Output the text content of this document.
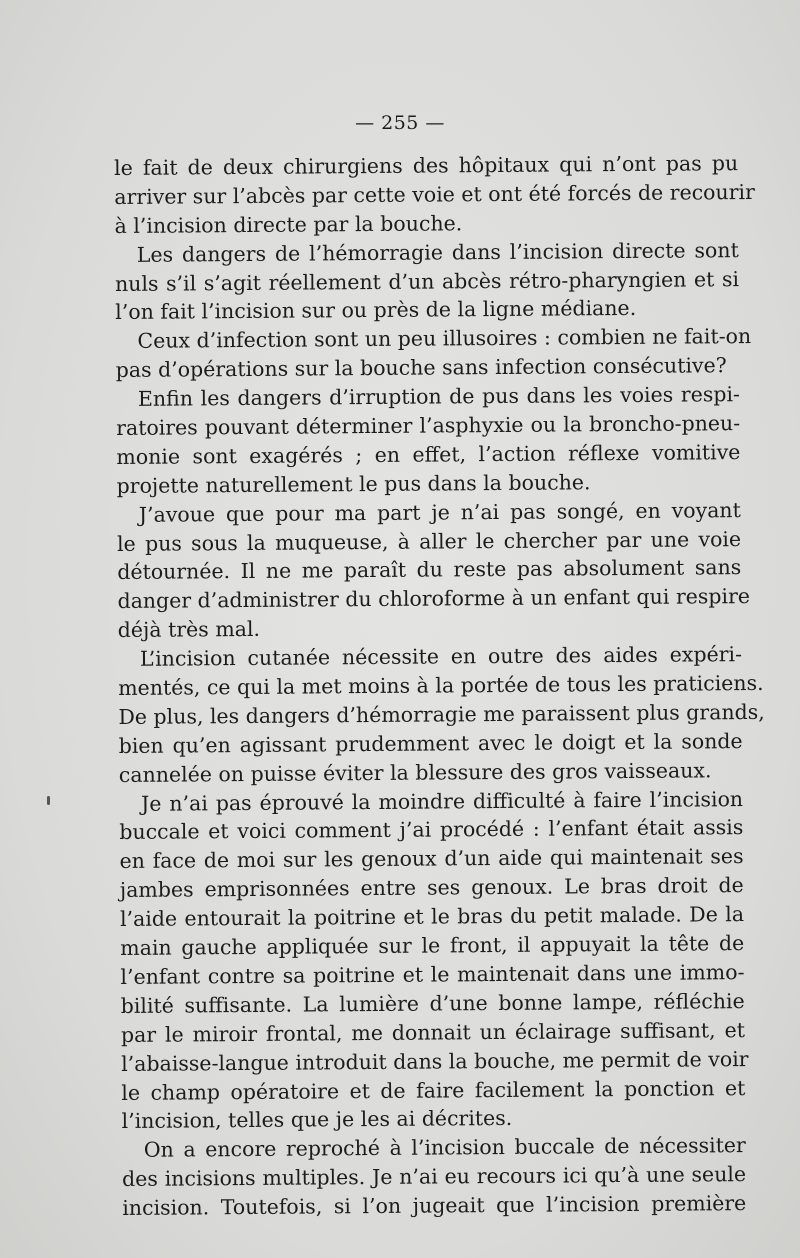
— 255 —
le fait de deux chirurgiens des hôpitaux qui n’ont pas pu
arriver sur l’abcès par cette voie et ont été forcés de recourir
à l’incision directe par la bouche.
Les dangers de l’hémorragie dans l’incision directe sont
nuls s’il s’agit réellement d’un abcès rétro-pharyngien et si
l’on fait l’incision sur ou près de la ligne médiane.
Ceux d’infection sont un peu illusoires : combien ne fait-on
pas d’opérations sur la bouche sans infection consécutive?
Enfin les dangers d’irruption de pus dans les voies respi-
ratoires pouvant déterminer l’asphyxie ou la broncho-pneu-
monie sont exagérés ; en effet, l’action réflexe vomitive
projette naturellement le pus dans la bouche.
J’avoue que pour ma part je n’ai pas songé, en voyant
le pus sous la muqueuse, à aller le chercher par une voie
détournée. Il ne me paraît du reste pas absolument sans
danger d’administrer du chloroforme à un enfant qui respire
déjà très mal.
L’incision cutanée nécessite en outre des aides expéri-
mentés, ce qui la met moins à la portée de tous les praticiens.
De plus, les dangers d’hémorragie me paraissent plus grands,
bien qu’en agissant prudemment avec le doigt et la sonde
cannelée on puisse éviter la blessure des gros vaisseaux.
Je n’ai pas éprouvé la moindre difficulté à faire l’incision
buccale et voici comment j’ai procédé : l’enfant était assis
en face de moi sur les genoux d’un aide qui maintenait ses
jambes emprisonnées entre ses genoux. Le bras droit de
l’aide entourait la poitrine et le bras du petit malade. De la
main gauche appliquée sur le front, il appuyait la tête de
l’enfant contre sa poitrine et le maintenait dans une immo-
bilité suffisante. La lumière d’une bonne lampe, réfléchie
par le miroir frontal, me donnait un éclairage suffisant, et
l’abaisse-langue introduit dans la bouche, me permit de voir
le champ opératoire et de faire facilement la ponction et
l’incision, telles que je les ai décrites.
On a encore reproché à l’incision buccale de nécessiter
des incisions multiples. Je n’ai eu recours ici qu’à une seule
incision. Toutefois, si l’on jugeait que l’incision première
